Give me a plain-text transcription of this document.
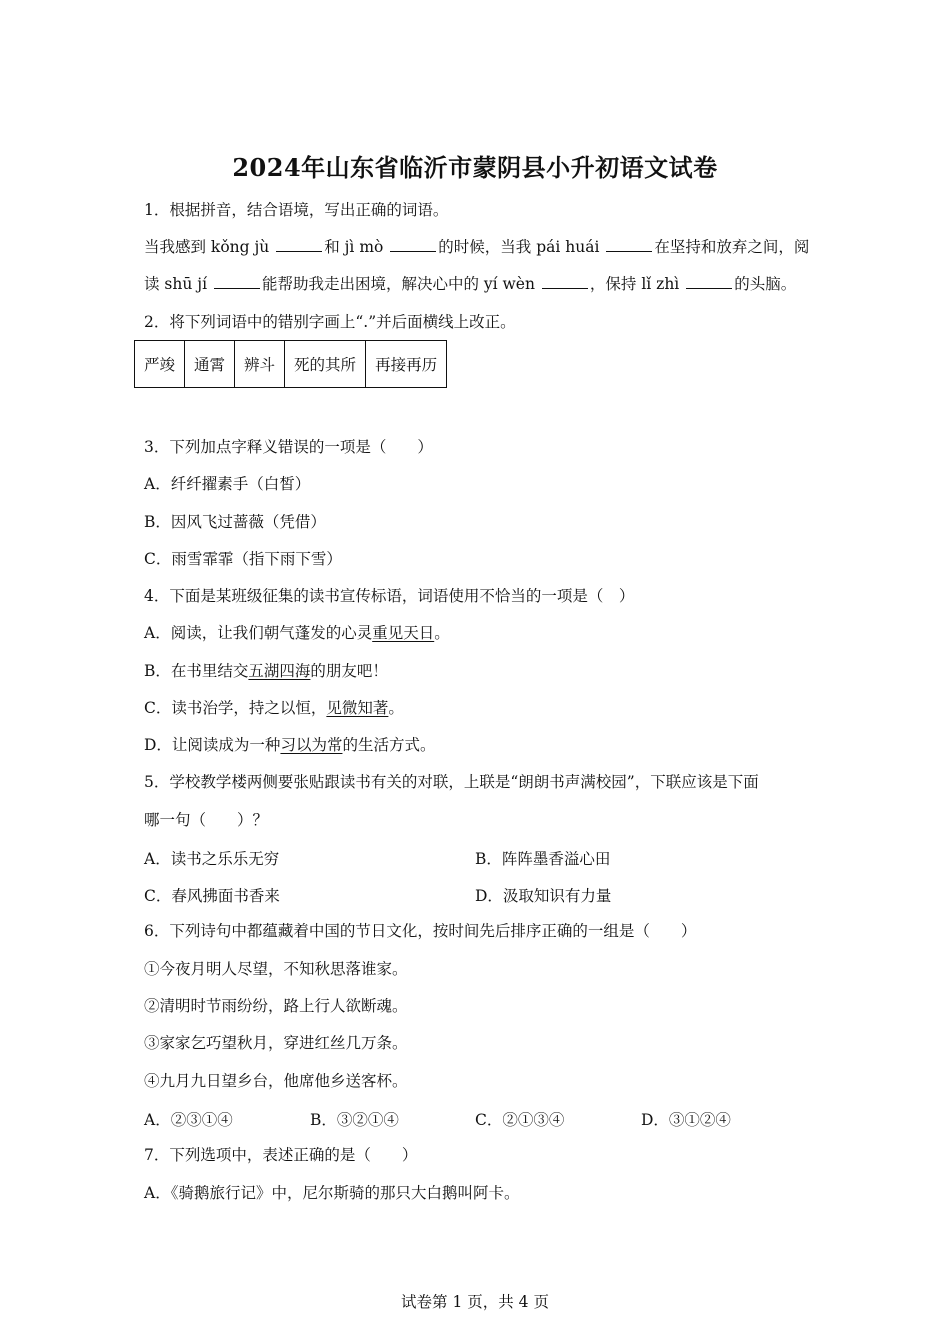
2024年山东省临沂市蒙阴县小升初语文试卷
1．根据拼音，结合语境，写出正确的词语。
当我感到 kǒng jù	和 jì mò	的时候，当我 pái huái	在坚持和放弃之间，阅
读 shū jí	能帮助我走出困境，解决心中的 yí wèn	，保持 lǐ zhì	的头脑。
2．将下列词语中的错别字画上“.”并后面横线上改正。
严竣	通霄	辨斗	死的其所	再接再历
3．下列加点字释义错误的一项是（　　）
A．纤纤擢素手（白皙）
B．因风飞过蔷薇（凭借）
C．雨雪霏霏（指下雨下雪）
4．下面是某班级征集的读书宣传标语，词语使用不恰当的一项是（　）
A．阅读，让我们朝气蓬发的心灵重见天日。
B．在书里结交五湖四海的朋友吧！
C．读书治学，持之以恒，见微知著。
D．让阅读成为一种习以为常的生活方式。
5．学校教学楼两侧要张贴跟读书有关的对联，上联是“朗朗书声满校园”，下联应该是下面
哪一句（　　）？
A．读书之乐乐无穷	B．阵阵墨香溢心田
C．春风拂面书香来	D．汲取知识有力量
6．下列诗句中都蕴藏着中国的节日文化，按时间先后排序正确的一组是（　　）
①今夜月明人尽望，不知秋思落谁家。
②清明时节雨纷纷，路上行人欲断魂。
③家家乞巧望秋月，穿进红丝几万条。
④九月九日望乡台，他席他乡送客杯。
A．②③①④	B．③②①④	C．②①③④	D．③①②④
7．下列选项中，表述正确的是（　　）
A．《骑鹅旅行记》中，尼尔斯骑的那只大白鹅叫阿卡。
试卷第 1 页，共 4 页
